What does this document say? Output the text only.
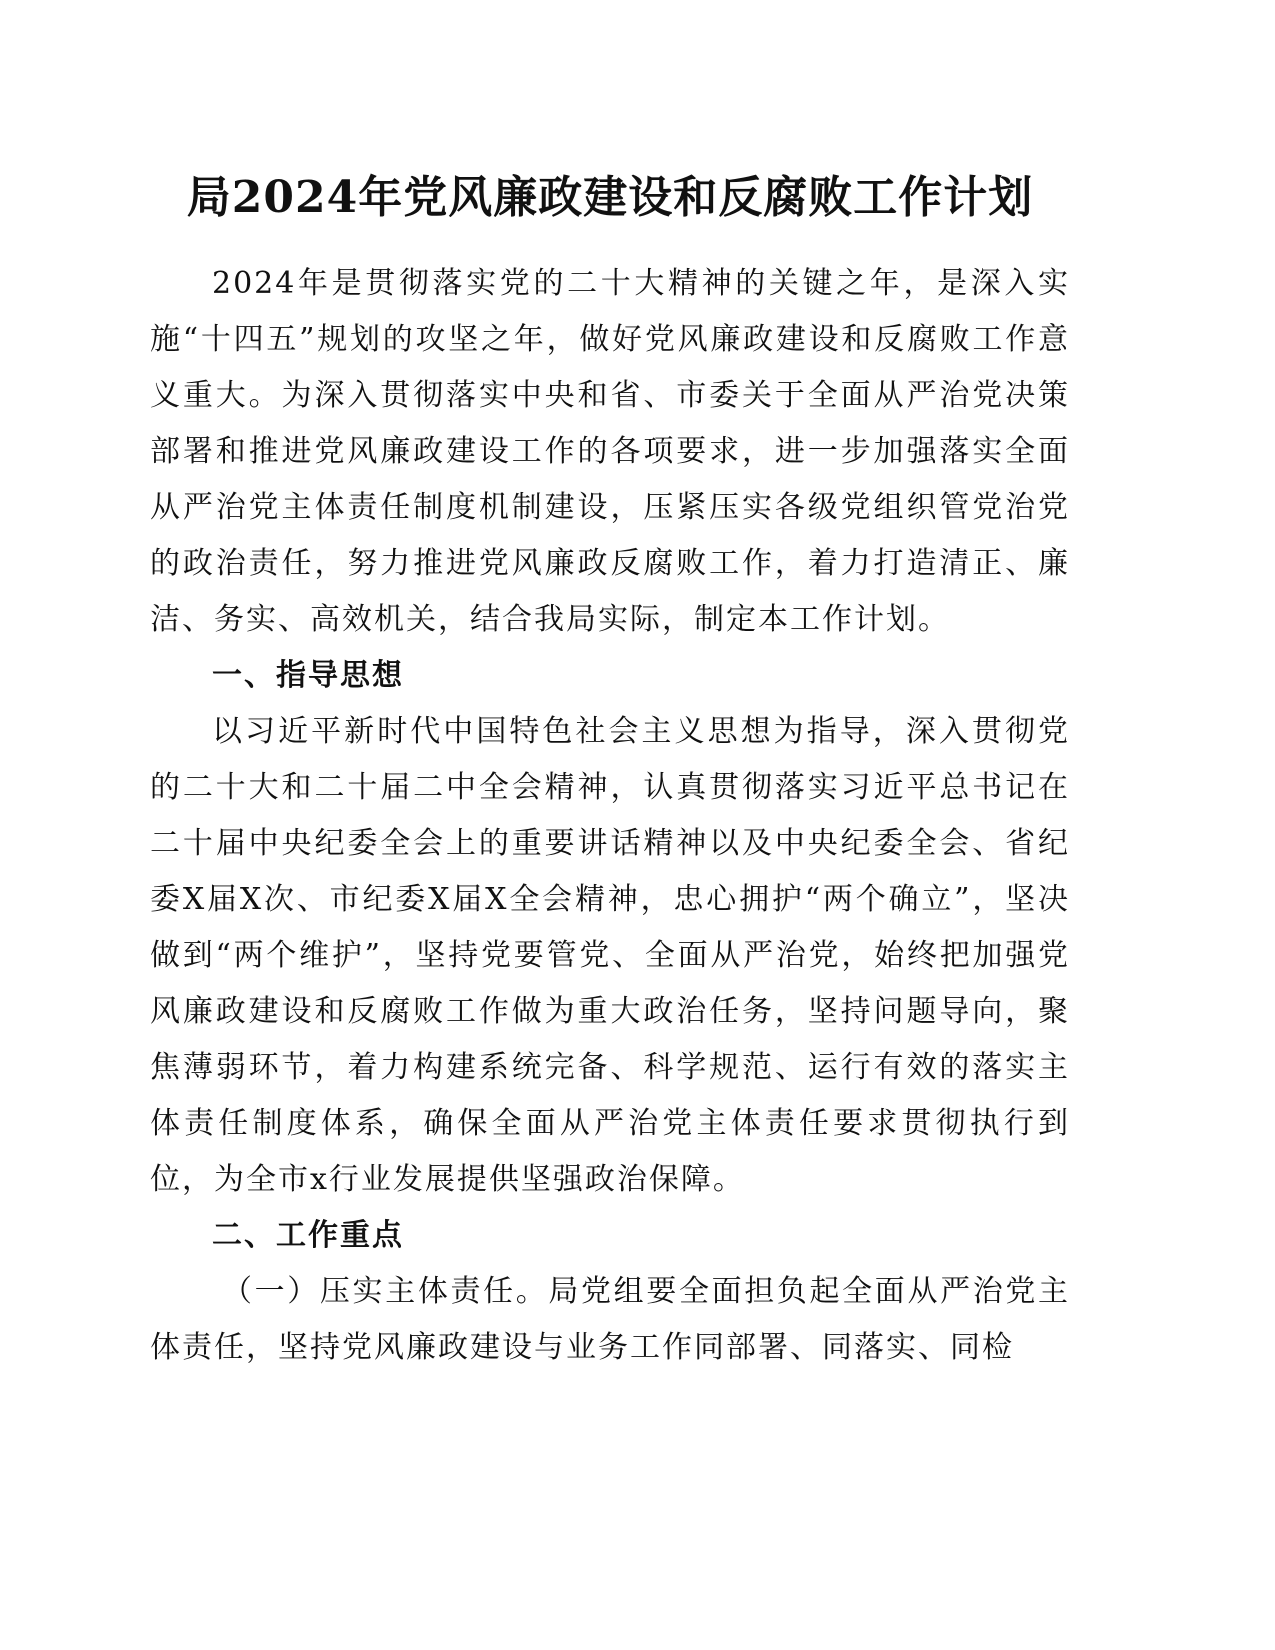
局2024年党风廉政建设和反腐败工作计划

2024年是贯彻落实党的二十大精神的关键之年，是深入实施“十四五”规划的攻坚之年，做好党风廉政建设和反腐败工作意义重大。为深入贯彻落实中央和省、市委关于全面从严治党决策部署和推进党风廉政建设工作的各项要求，进一步加强落实全面从严治党主体责任制度机制建设，压紧压实各级党组织管党治党的政治责任，努力推进党风廉政反腐败工作，着力打造清正、廉洁、务实、高效机关，结合我局实际，制定本工作计划。

一、指导思想

以习近平新时代中国特色社会主义思想为指导，深入贯彻党的二十大和二十届二中全会精神，认真贯彻落实习近平总书记在二十届中央纪委全会上的重要讲话精神以及中央纪委全会、省纪委X届X次、市纪委X届X全会精神，忠心拥护“两个确立”，坚决做到“两个维护”，坚持党要管党、全面从严治党，始终把加强党风廉政建设和反腐败工作做为重大政治任务，坚持问题导向，聚焦薄弱环节，着力构建系统完备、科学规范、运行有效的落实主体责任制度体系，确保全面从严治党主体责任要求贯彻执行到位，为全市x行业发展提供坚强政治保障。

二、工作重点

（一）压实主体责任。局党组要全面担负起全面从严治党主体责任，坚持党风廉政建设与业务工作同部署、同落实、同检
